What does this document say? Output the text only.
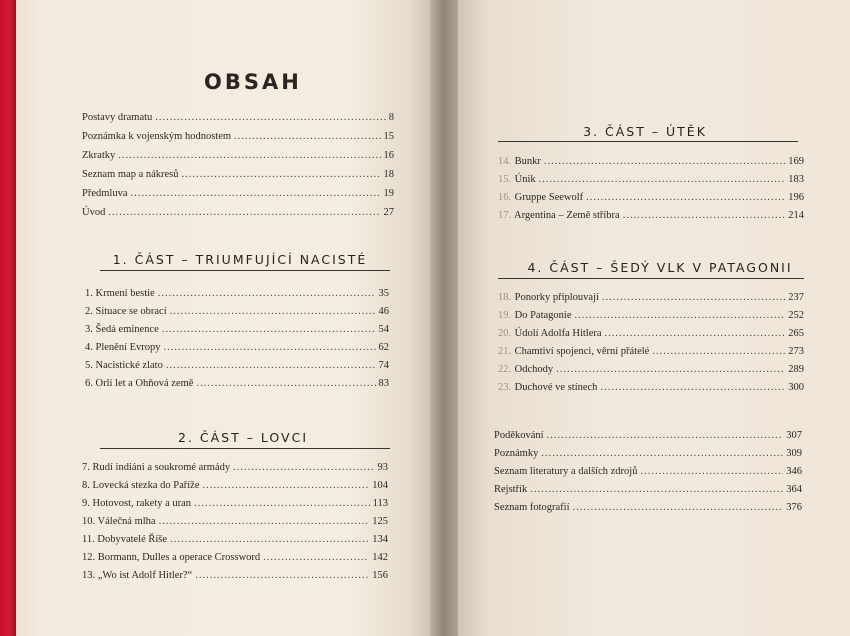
OBSAH
Postavy dramatu .....	8
Poznámka k vojenským hodnostem .....	15
Zkratky .....	16
Seznam map a nákresů .....	18
Předmluva .....	19
Úvod .....	27
1. ČÁST – TRIUMFUJÍCÍ NACISTÉ
1. Krmení bestie .....	35
2. Situace se obrací .....	46
3. Šedá eminence .....	54
4. Plenění Evropy .....	62
5. Nacistické zlato .....	74
6. Orlí let a Ohňová země .....	83
2. ČÁST – LOVCI
7. Rudí indiáni a soukromé armády .....	93
8. Lovecká stezka do Paříže .....	104
9. Hotovost, rakety a uran .....	113
10. Válečná mlha .....	125
11. Dobyvatelé Říše .....	134
12. Bormann, Dulles a operace Crossword .....	142
13. „Wo ist Adolf Hitler?“ .....	156
3. ČÁST – ÚTĚK
14. Bunkr .....	169
15. Únik .....	183
16. Gruppe Seewolf .....	196
17. Argentina – Země stříbra .....	214
4. ČÁST – ŠEDÝ VLK V PATAGONII
18. Ponorky připlouvají .....	237
19. Do Patagonie .....	252
20. Údolí Adolfa Hitlera .....	265
21. Chamtiví spojenci, věrní přátelé .....	273
22. Odchody .....	289
23. Duchové ve stínech .....	300
Poděkování .....	307
Poznámky .....	309
Seznam literatury a dalších zdrojů .....	346
Rejstřík .....	364
Seznam fotografií .....	376
